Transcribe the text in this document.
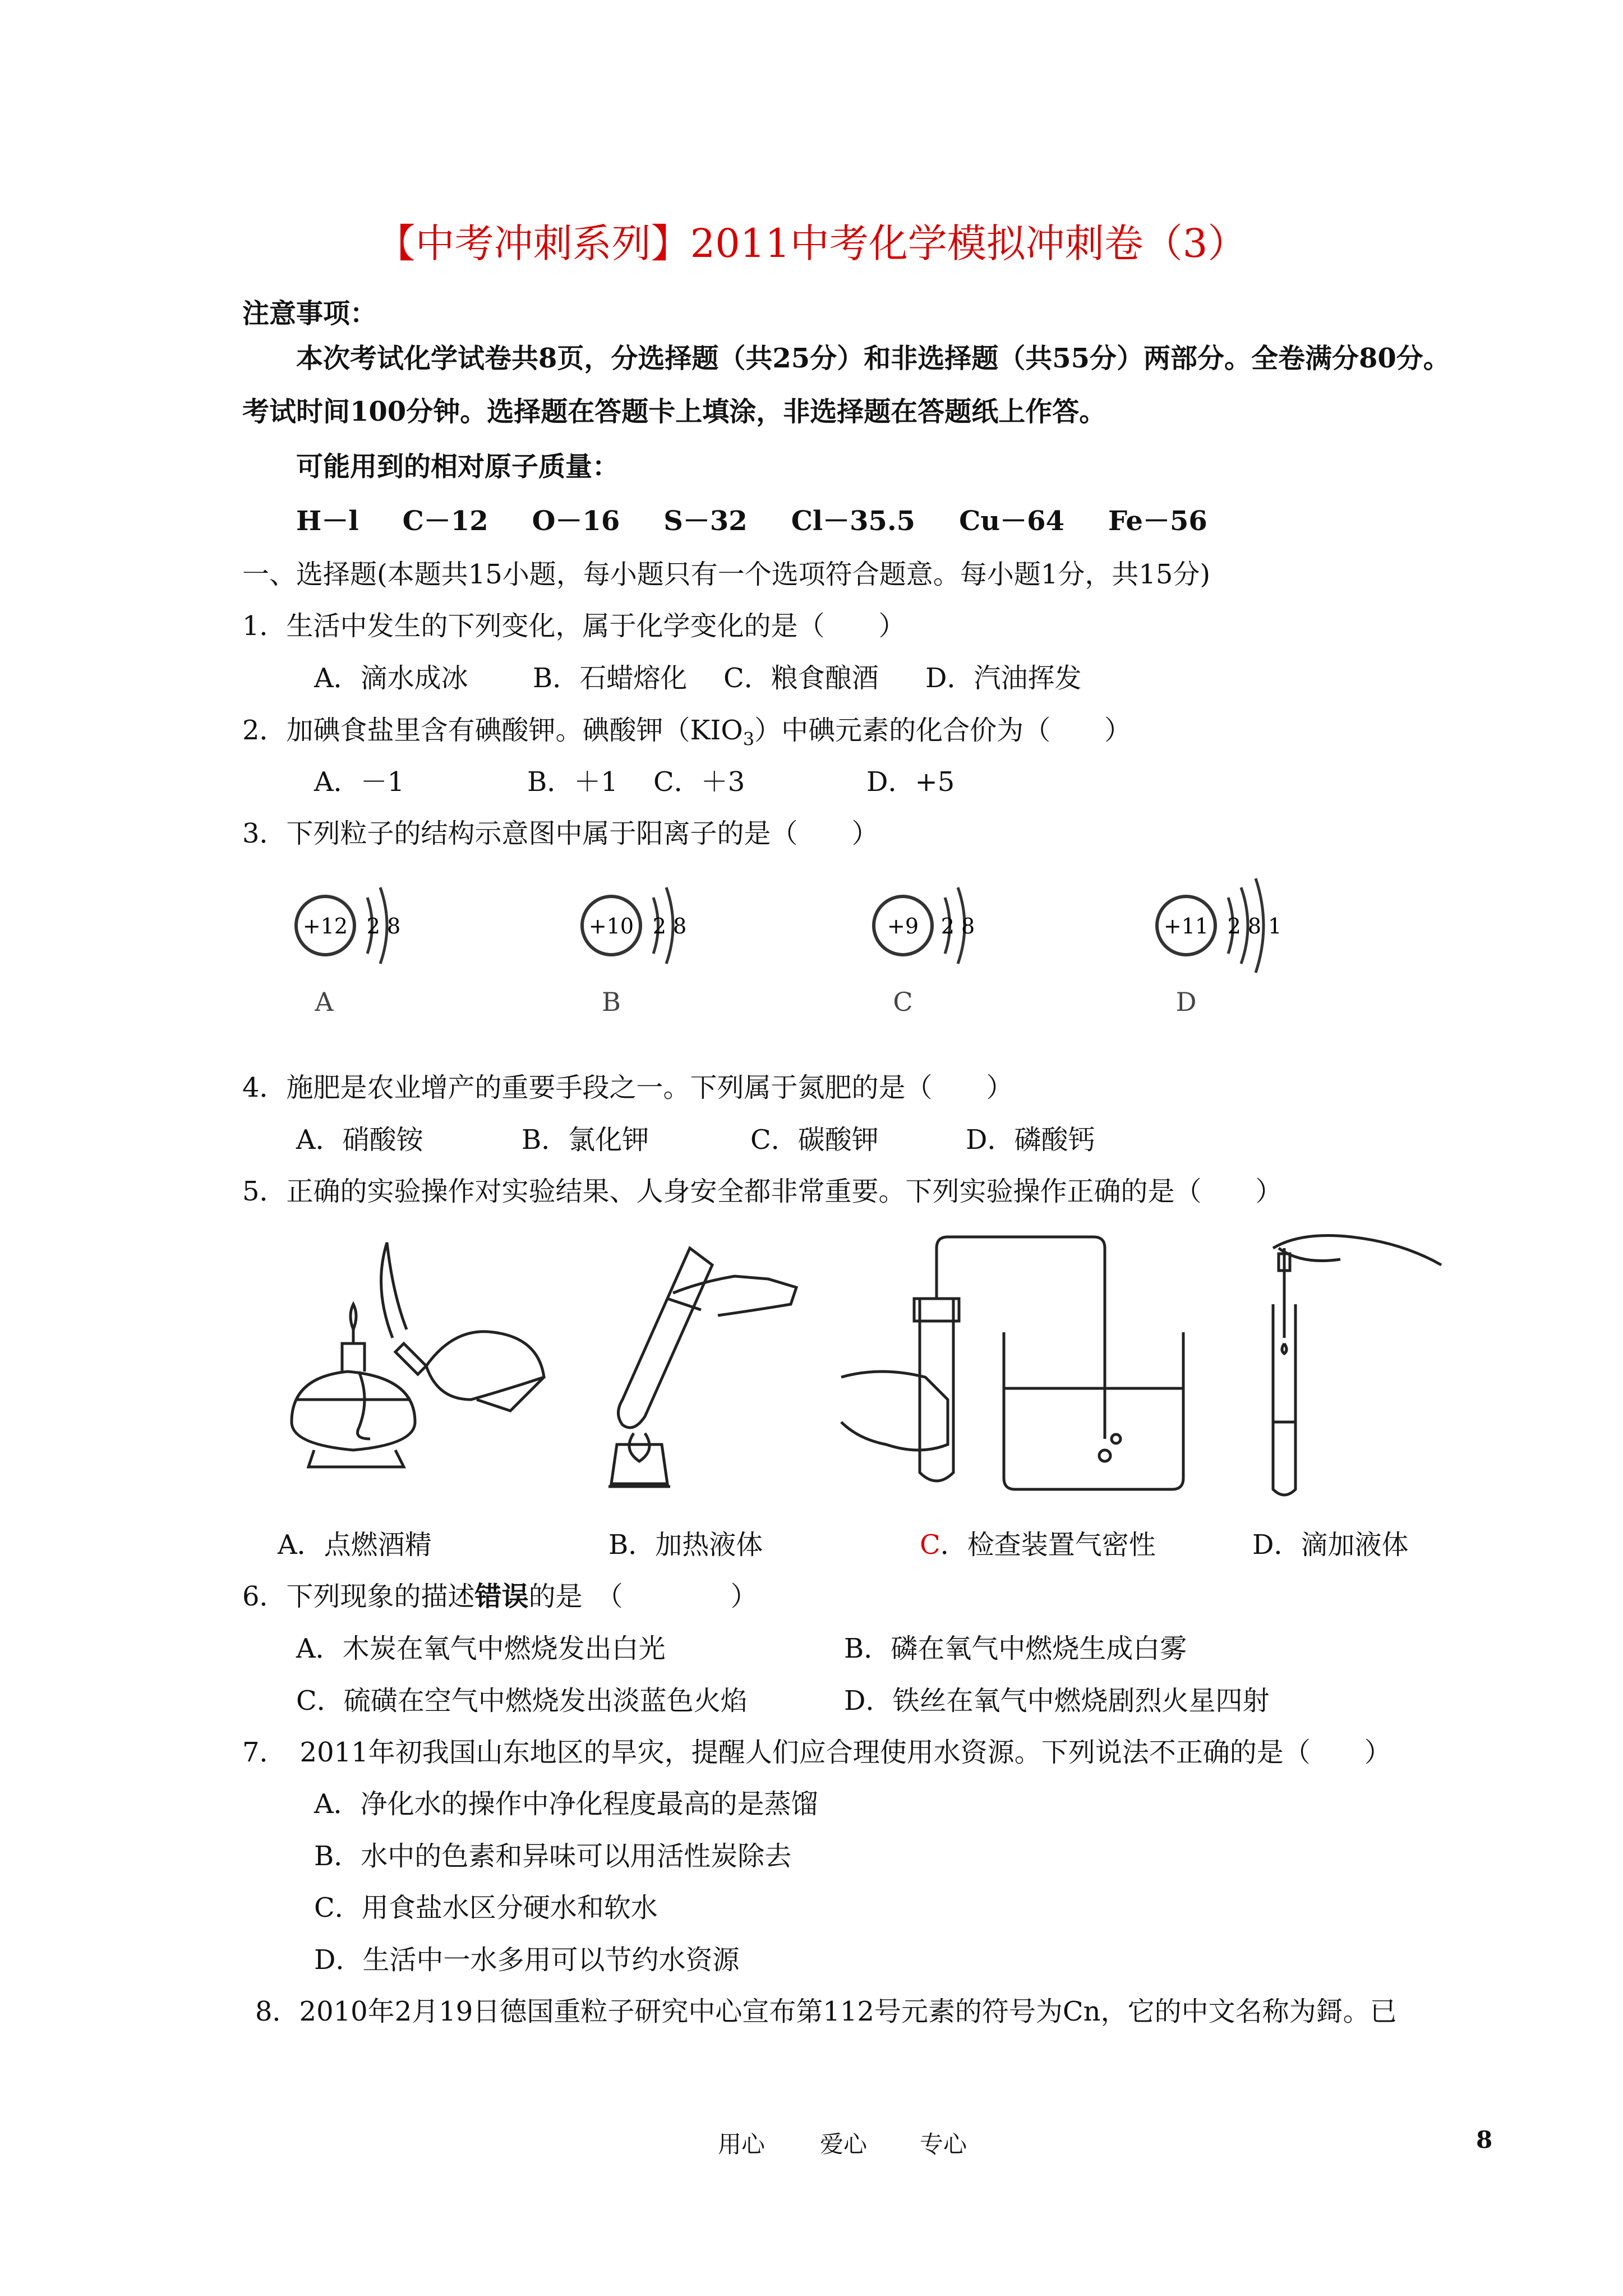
【中考冲刺系列】2011中考化学模拟冲刺卷（3）
注意事项：
本次考试化学试卷共8页，分选择题（共25分）和非选择题（共55分）两部分。全卷满分80分。
考试时间100分钟。选择题在答题卡上填涂，非选择题在答题纸上作答。
可能用到的相对原子质量：
H－l C－12 O－16 S－32 Cl－35.5 Cu－64 Fe－56
一、选择题(本题共15小题，每小题只有一个选项符合题意。每小题1分，共15分)
1．生活中发生的下列变化，属于化学变化的是（　　）
A．滴水成冰 B．石蜡熔化 C．粮食酿酒 D．汽油挥发
2．加碘食盐里含有碘酸钾。碘酸钾$(KIO_3)$中碘元素的化合价为（　　）
A．－1	B．＋1 C．＋3	D．+5
3．下列粒子的结构示意图中属于阳离子的是（　　）
+12 2 8
A
+10 2 8
B
+9 2 8
C
+11 2 8 1
D
4．施肥是农业增产的重要手段之一。下列属于氮肥的是（　　）
A．硝酸铵	B．氯化钾	C．碳酸钾	D．磷酸钙
5．正确的实验操作对实验结果、人身安全都非常重要。下列实验操作正确的是（　　）
A．点燃酒精	B．加热液体	C．检查装置气密性	D．滴加液体
6．下列现象的描述错误的是　（　　　　）
A．木炭在氧气中燃烧发出白光	B．磷在氧气中燃烧生成白雾
C．硫磺在空气中燃烧发出淡蓝色火焰	D．铁丝在氧气中燃烧剧烈火星四射
7．　2011年初我国山东地区的旱灾，提醒人们应合理使用水资源。下列说法不正确的是（　　）
A．净化水的操作中净化程度最高的是蒸馏
B．水中的色素和异味可以用活性炭除去
C．用食盐水区分硬水和软水
D．生活中一水多用可以节约水资源
8．2010年2月19日德国重粒子研究中心宣布第112号元素的符号为Cn，它的中文名称为鎶。已
用心 爱心 专心	8
